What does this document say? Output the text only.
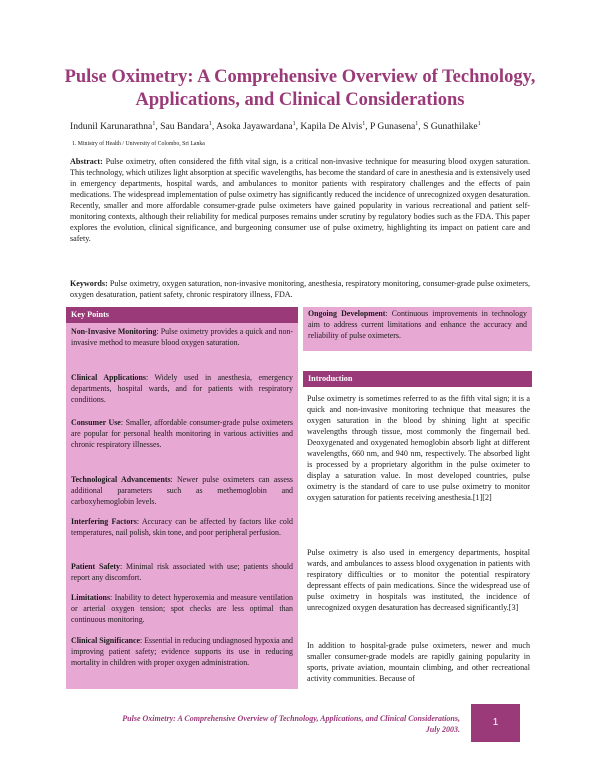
Pulse Oximetry: A Comprehensive Overview of Technology, Applications, and Clinical Considerations
Indunil Karunarathna$^1$, Sau Bandara$^1$, Asoka Jayawardana$^1$, Kapila De Alvis$^1$, P Gunasena$^1$, S Gunathilake$^1$
1. Ministry of Health / University of Colombo, Sri Lanka

Abstract: Pulse oximetry, often considered the fifth vital sign, is a critical non-invasive technique for measuring blood oxygen saturation. This technology, which utilizes light absorption at specific wavelengths, has become the standard of care in anesthesia and is extensively used in emergency departments, hospital wards, and ambulances to monitor patients with respiratory challenges and the effects of pain medications. The widespread implementation of pulse oximetry has significantly reduced the incidence of unrecognized oxygen desaturation. Recently, smaller and more affordable consumer-grade pulse oximeters have gained popularity in various recreational and patient self-monitoring contexts, although their reliability for medical purposes remains under scrutiny by regulatory bodies such as the FDA. This paper explores the evolution, clinical significance, and burgeoning consumer use of pulse oximetry, highlighting its impact on patient care and safety.

Keywords: Pulse oximetry, oxygen saturation, non-invasive monitoring, anesthesia, respiratory monitoring, consumer-grade pulse oximeters, oxygen desaturation, patient safety, chronic respiratory illness, FDA.

Key Points

Non-Invasive Monitoring: Pulse oximetry provides a quick and non-invasive method to measure blood oxygen saturation.

Clinical Applications: Widely used in anesthesia, emergency departments, hospital wards, and for patients with respiratory conditions.

Consumer Use: Smaller, affordable consumer-grade pulse oximeters are popular for personal health monitoring in various activities and chronic respiratory illnesses.

Technological Advancements: Newer pulse oximeters can assess additional parameters such as methemoglobin and carboxyhemoglobin levels.

Interfering Factors: Accuracy can be affected by factors like cold temperatures, nail polish, skin tone, and poor peripheral perfusion.

Patient Safety: Minimal risk associated with use; patients should report any discomfort.

Limitations: Inability to detect hyperoxemia and measure ventilation or arterial oxygen tension; spot checks are less optimal than continuous monitoring.

Clinical Significance: Essential in reducing undiagnosed hypoxia and improving patient safety; evidence supports its use in reducing mortality in children with proper oxygen administration.

Ongoing Development: Continuous improvements in technology aim to address current limitations and enhance the accuracy and reliability of pulse oximeters.

Introduction

Pulse oximetry is sometimes referred to as the fifth vital sign; it is a quick and non-invasive monitoring technique that measures the oxygen saturation in the blood by shining light at specific wavelengths through tissue, most commonly the fingernail bed. Deoxygenated and oxygenated hemoglobin absorb light at different wavelengths, 660 nm, and 940 nm, respectively. The absorbed light is processed by a proprietary algorithm in the pulse oximeter to display a saturation value. In most developed countries, pulse oximetry is the standard of care to use pulse oximetry to monitor oxygen saturation for patients receiving anesthesia.[1][2]

Pulse oximetry is also used in emergency departments, hospital wards, and ambulances to assess blood oxygenation in patients with respiratory difficulties or to monitor the potential respiratory depressant effects of pain medications. Since the widespread use of pulse oximetry in hospitals was instituted, the incidence of unrecognized oxygen desaturation has decreased significantly.[3]

In addition to hospital-grade pulse oximeters, newer and much smaller consumer-grade models are rapidly gaining popularity in sports, private aviation, mountain climbing, and other recreational activity communities. Because of

Pulse Oximetry: A Comprehensive Overview of Technology, Applications, and Clinical Considerations,
July 2003.
1
